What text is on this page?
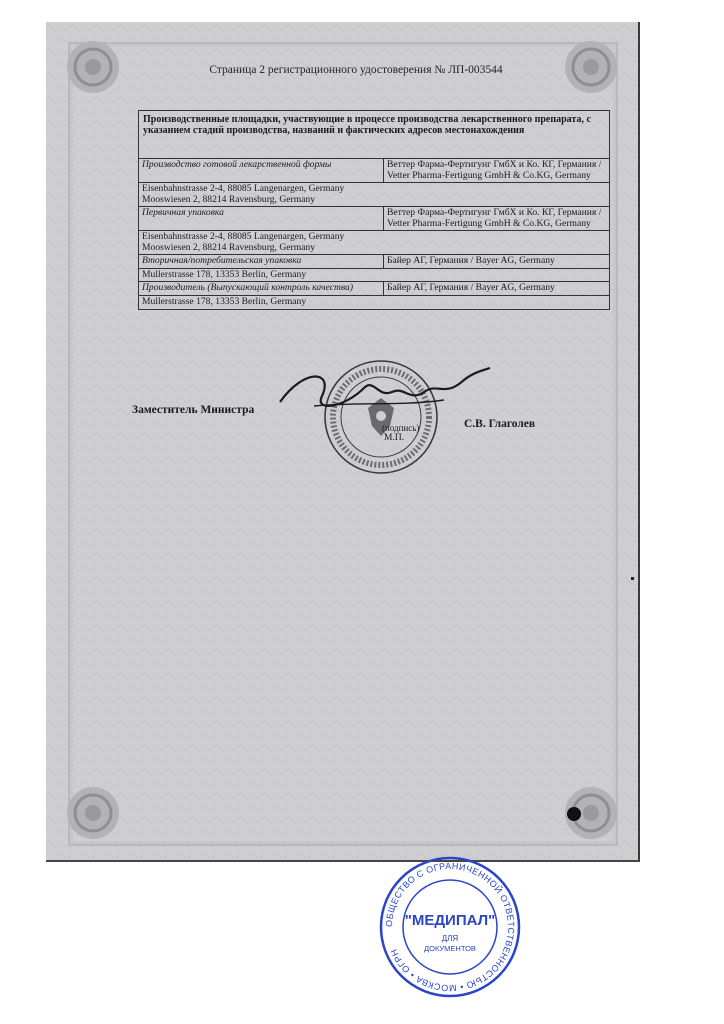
Страница 2 регистрационного удостоверения № ЛП-003544
Производственные площадки, участвующие в процессе производства лекарственного препарата, с указанием стадий производства, названий и фактических адресов местонахождения
Производство готовой лекарственной формы	Веттер Фарма-Фертигунг ГмбХ и Ко. КГ, Германия / Vetter Pharma-Fertigung GmbH & Co.KG, Germany
Eisenbahnstrasse 2-4, 88085 Langenargen, Germany
Mooswiesen 2, 88214 Ravensburg, Germany
Первичная упаковка	Веттер Фарма-Фертигунг ГмбХ и Ко. КГ, Германия / Vetter Pharma-Fertigung GmbH & Co.KG, Germany
Eisenbahnstrasse 2-4, 88085 Langenargen, Germany
Mooswiesen 2, 88214 Ravensburg, Germany
Вторичная/потребительская упаковка	Байер АГ, Германия / Bayer AG, Germany
Mullerstrasse 178, 13353 Berlin, Germany
Производитель (Выпускающий контроль качества)	Байер АГ, Германия / Bayer AG, Germany
Mullerstrasse 178, 13353 Berlin, Germany
Заместитель Министра
(подпись)
М.П.
С.В. Глаголев
ОБЩЕСТВО С ОГРАНИЧЕННОЙ ОТВЕТСТВЕННОСТЬЮ • МОСКВА • ОГРН
"МЕДИПАЛ"
ДЛЯ
ДОКУМЕНТОВ
